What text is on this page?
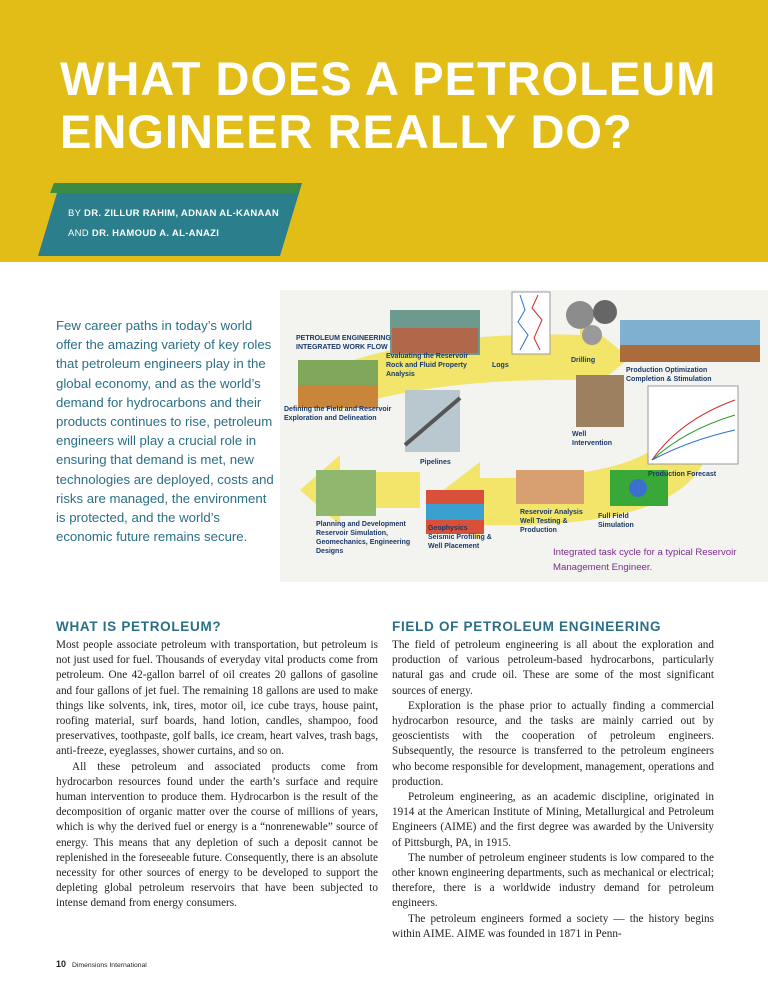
WHAT DOES A PETROLEUM
ENGINEER REALLY DO?
BY DR. ZILLUR RAHIM, ADNAN AL-KANAAN
AND DR. HAMOUD A. AL-ANAZI

Few career paths in today’s world offer the amazing variety of key roles that petroleum engineers play in the global economy, and as the world’s demand for hydrocarbons and their products continues to rise, petroleum engineers will play a crucial role in ensuring that demand is met, new technologies are deployed, costs and risks are managed, the environment is protected, and the world’s economic future remains secure.

PETROLEUM ENGINEERING
INTEGRATED WORK FLOW
Evaluating the Reservoir
Rock and Fluid Property
Analysis
Logs
Drilling
Production Optimization
Completion & Stimulation
Defining the Field and Reservoir
Exploration and Delineation
Well
Intervention
Pipelines
Production Forecast
Full Field
Simulation
Reservoir Analysis
Well Testing &
Production
Planning and Development
Reservoir Simulation,
Geomechanics, Engineering
Designs
Geophysics
Seismic Profiling &
Well Placement

Integrated task cycle for a typical Reservoir Management Engineer.

WHAT IS PETROLEUM?

Most people associate petroleum with transportation, but petroleum is not just used for fuel. Thousands of everyday vital products come from petroleum. One 42-gallon barrel of oil creates 20 gallons of gasoline and four gallons of jet fuel. The remaining 18 gallons are used to make things like solvents, ink, tires, motor oil, ice cube trays, house paint, roofing material, surf boards, hand lotion, candles, shampoo, food preservatives, toothpaste, golf balls, ice cream, heart valves, trash bags, anti-freeze, eyeglasses, shower curtains, and so on.

All these petroleum and associated products come from hydrocarbon resources found under the earth’s surface and require human intervention to produce them. Hydrocarbon is the result of the decomposition of organic matter over the course of millions of years, which is why the derived fuel or energy is a “nonrenewable” source of energy. This means that any depletion of such a deposit cannot be replenished in the foreseeable future. Consequently, there is an absolute necessity for other sources of energy to be developed to support the depleting global petroleum reservoirs that have been subjected to intense demand from energy consumers.

FIELD OF PETROLEUM ENGINEERING

The field of petroleum engineering is all about the exploration and production of various petroleum-based hydrocarbons, particularly natural gas and crude oil. These are some of the most significant sources of energy.

Exploration is the phase prior to actually finding a commercial hydrocarbon resource, and the tasks are mainly carried out by geoscientists with the cooperation of petroleum engineers. Subsequently, the resource is transferred to the petroleum engineers who become responsible for development, management, operations and production.

Petroleum engineering, as an academic discipline, originated in 1914 at the American Institute of Mining, Metallurgical and Petroleum Engineers (AIME) and the first degree was awarded by the University of Pittsburgh, PA, in 1915.

The number of petroleum engineer students is low compared to the other known engineering departments, such as mechanical or electrical; therefore, there is a worldwide industry demand for petroleum engineers.

The petroleum engineers formed a society — the history begins within AIME. AIME was founded in 1871 in Penn-

10 Dimensions International
